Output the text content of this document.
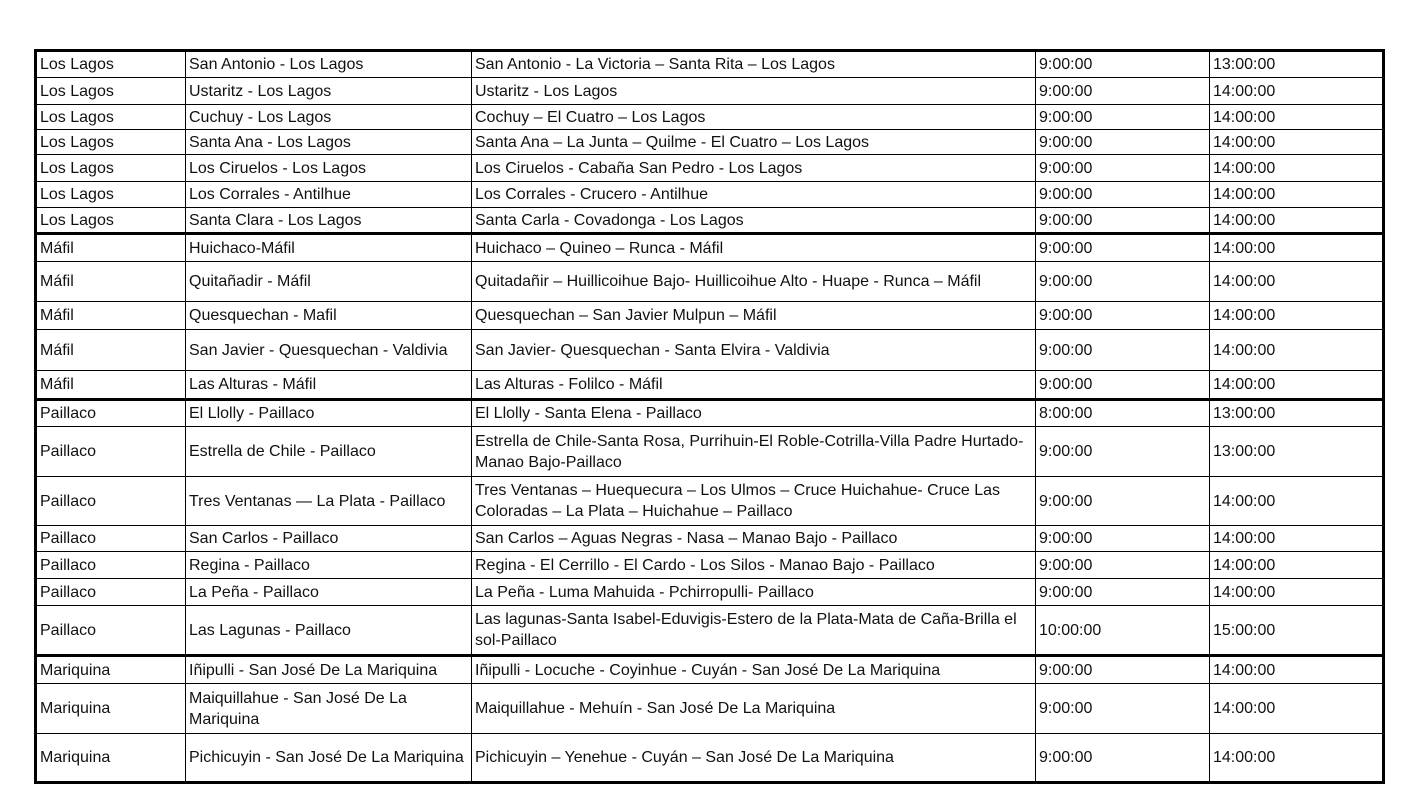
Los Lagos	San Antonio - Los Lagos	San Antonio - La Victoria – Santa Rita – Los Lagos	9:00:00	13:00:00
Los Lagos	Ustaritz - Los Lagos	Ustaritz - Los Lagos	9:00:00	14:00:00
Los Lagos	Cuchuy - Los Lagos	Cochuy – El Cuatro – Los Lagos	9:00:00	14:00:00
Los Lagos	Santa Ana - Los Lagos	Santa Ana – La Junta – Quilme - El Cuatro – Los Lagos	9:00:00	14:00:00
Los Lagos	Los Ciruelos - Los Lagos	Los Ciruelos - Cabaña San Pedro - Los Lagos	9:00:00	14:00:00
Los Lagos	Los Corrales - Antilhue	Los Corrales - Crucero - Antilhue	9:00:00	14:00:00
Los Lagos	Santa Clara - Los Lagos	Santa Carla - Covadonga - Los Lagos	9:00:00	14:00:00
Máfil	Huichaco-Máfil	Huichaco – Quineo – Runca - Máfil	9:00:00	14:00:00
Máfil	Quitañadir - Máfil	Quitadañir – Huillicoihue Bajo- Huillicoihue Alto - Huape - Runca – Máfil	9:00:00	14:00:00
Máfil	Quesquechan - Mafil	Quesquechan – San Javier Mulpun – Máfil	9:00:00	14:00:00
Máfil	San Javier - Quesquechan - Valdivia	San Javier- Quesquechan - Santa Elvira - Valdivia	9:00:00	14:00:00
Máfil	Las Alturas - Máfil	Las Alturas - Folilco - Máfil	9:00:00	14:00:00
Paillaco	El Llolly - Paillaco	El Llolly - Santa Elena - Paillaco	8:00:00	13:00:00
Paillaco	Estrella de Chile - Paillaco	Estrella de Chile-Santa Rosa, Purrihuin-El Roble-Cotrilla-Villa Padre Hurtado-Manao Bajo-Paillaco	9:00:00	13:00:00
Paillaco	Tres Ventanas — La Plata - Paillaco	Tres Ventanas – Huequecura – Los Ulmos – Cruce Huichahue- Cruce Las Coloradas – La Plata – Huichahue – Paillaco	9:00:00	14:00:00
Paillaco	San Carlos - Paillaco	San Carlos – Aguas Negras - Nasa – Manao Bajo - Paillaco	9:00:00	14:00:00
Paillaco	Regina - Paillaco	Regina - El Cerrillo - El Cardo - Los Silos - Manao Bajo - Paillaco	9:00:00	14:00:00
Paillaco	La Peña - Paillaco	La Peña - Luma Mahuida - Pchirropulli- Paillaco	9:00:00	14:00:00
Paillaco	Las Lagunas - Paillaco	Las lagunas-Santa Isabel-Eduvigis-Estero de la Plata-Mata de Caña-Brilla el sol-Paillaco	10:00:00	15:00:00
Mariquina	Iñipulli - San José De La Mariquina	Iñipulli - Locuche - Coyinhue - Cuyán - San José De La Mariquina	9:00:00	14:00:00
Mariquina	Maiquillahue - San José De La Mariquina	Maiquillahue - Mehuín - San José De La Mariquina	9:00:00	14:00:00
Mariquina	Pichicuyin - San José De La Mariquina	Pichicuyin – Yenehue - Cuyán – San José De La Mariquina	9:00:00	14:00:00
